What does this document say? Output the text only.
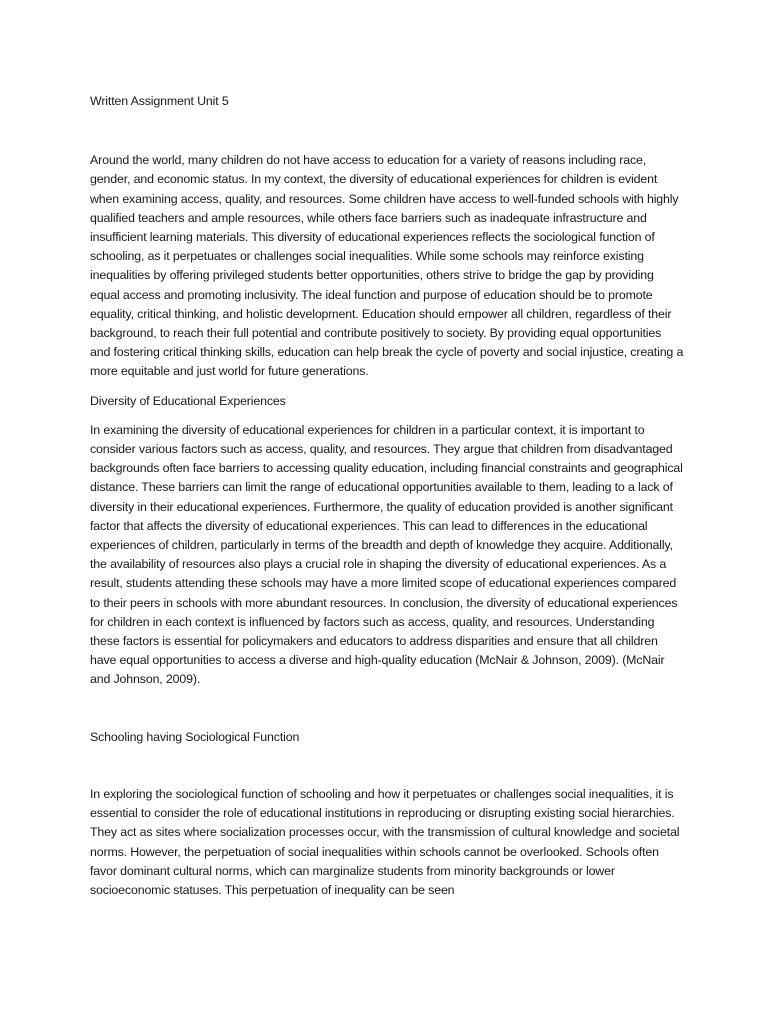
Written Assignment Unit 5

Around the world, many children do not have access to education for a variety of reasons including race, gender, and economic status. In my context, the diversity of educational experiences for children is evident when examining access, quality, and resources. Some children have access to well-funded schools with highly qualified teachers and ample resources, while others face barriers such as inadequate infrastructure and insufficient learning materials. This diversity of educational experiences reflects the sociological function of schooling, as it perpetuates or challenges social inequalities. While some schools may reinforce existing inequalities by offering privileged students better opportunities, others strive to bridge the gap by providing equal access and promoting inclusivity. The ideal function and purpose of education should be to promote equality, critical thinking, and holistic development. Education should empower all children, regardless of their background, to reach their full potential and contribute positively to society. By providing equal opportunities and fostering critical thinking skills, education can help break the cycle of poverty and social injustice, creating a more equitable and just world for future generations.

Diversity of Educational Experiences

In examining the diversity of educational experiences for children in a particular context, it is important to consider various factors such as access, quality, and resources. They argue that children from disadvantaged backgrounds often face barriers to accessing quality education, including financial constraints and geographical distance. These barriers can limit the range of educational opportunities available to them, leading to a lack of diversity in their educational experiences. Furthermore, the quality of education provided is another significant factor that affects the diversity of educational experiences. This can lead to differences in the educational experiences of children, particularly in terms of the breadth and depth of knowledge they acquire. Additionally, the availability of resources also plays a crucial role in shaping the diversity of educational experiences. As a result, students attending these schools may have a more limited scope of educational experiences compared to their peers in schools with more abundant resources. In conclusion, the diversity of educational experiences for children in each context is influenced by factors such as access, quality, and resources. Understanding these factors is essential for policymakers and educators to address disparities and ensure that all children have equal opportunities to access a diverse and high-quality education (McNair & Johnson, 2009). (McNair and Johnson, 2009).

Schooling having Sociological Function

In exploring the sociological function of schooling and how it perpetuates or challenges social inequalities, it is essential to consider the role of educational institutions in reproducing or disrupting existing social hierarchies. They act as sites where socialization processes occur, with the transmission of cultural knowledge and societal norms. However, the perpetuation of social inequalities within schools cannot be overlooked. Schools often favor dominant cultural norms, which can marginalize students from minority backgrounds or lower socioeconomic statuses. This perpetuation of inequality can be seen
